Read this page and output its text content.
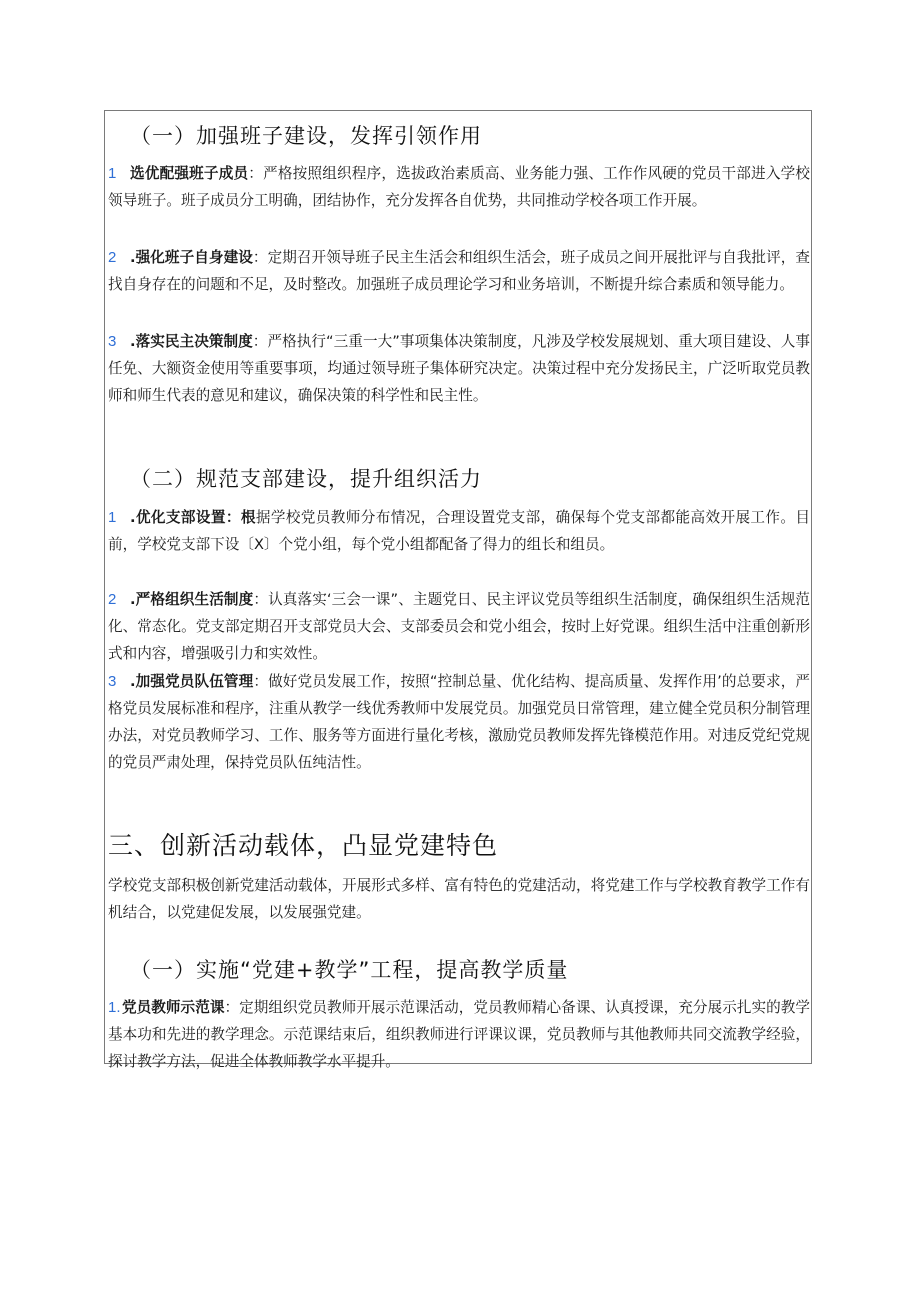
（一）加强班子建设，发挥引领作用
1 选优配强班子成员：严格按照组织程序，选拔政治素质高、业务能力强、工作作风硬的党员干部进入学校领导班子。班子成员分工明确，团结协作，充分发挥各自优势，共同推动学校各项工作开展。

2 .强化班子自身建设：定期召开领导班子民主生活会和组织生活会，班子成员之间开展批评与自我批评，查找自身存在的问题和不足，及时整改。加强班子成员理论学习和业务培训，不断提升综合素质和领导能力。

3 .落实民主决策制度：严格执行“三重一大”事项集体决策制度，凡涉及学校发展规划、重大项目建设、人事任免、大额资金使用等重要事项，均通过领导班子集体研究决定。决策过程中充分发扬民主，广泛听取党员教师和师生代表的意见和建议，确保决策的科学性和民主性。

（二）规范支部建设，提升组织活力
1 .优化支部设置：根据学校党员教师分布情况，合理设置党支部，确保每个党支部都能高效开展工作。目前，学校党支部下设〔X〕个党小组，每个党小组都配备了得力的组长和组员。

2 .严格组织生活制度：认真落实‘三会一课”、主题党日、民主评议党员等组织生活制度，确保组织生活规范化、常态化。党支部定期召开支部党员大会、支部委员会和党小组会，按时上好党课。组织生活中注重创新形式和内容，增强吸引力和实效性。

3 .加强党员队伍管理：做好党员发展工作，按照“控制总量、优化结构、提高质量、发挥作用’的总要求，严格党员发展标准和程序，注重从教学一线优秀教师中发展党员。加强党员日常管理，建立健全党员积分制管理办法，对党员教师学习、工作、服务等方面进行量化考核，激励党员教师发挥先锋模范作用。对违反党纪党规的党员严肃处理，保持党员队伍纯洁性。

三、创新活动载体，凸显党建特色

学校党支部积极创新党建活动载体，开展形式多样、富有特色的党建活动，将党建工作与学校教育教学工作有机结合，以党建促发展，以发展强党建。

（一）实施“党建+教学”工程，提高教学质量
1. 党员教师示范课：定期组织党员教师开展示范课活动，党员教师精心备课、认真授课，充分展示扎实的教学基本功和先进的教学理念。示范课结束后，组织教师进行评课议课，党员教师与其他教师共同交流教学经验，探讨教学方法，促进全体教师教学水平提升。
